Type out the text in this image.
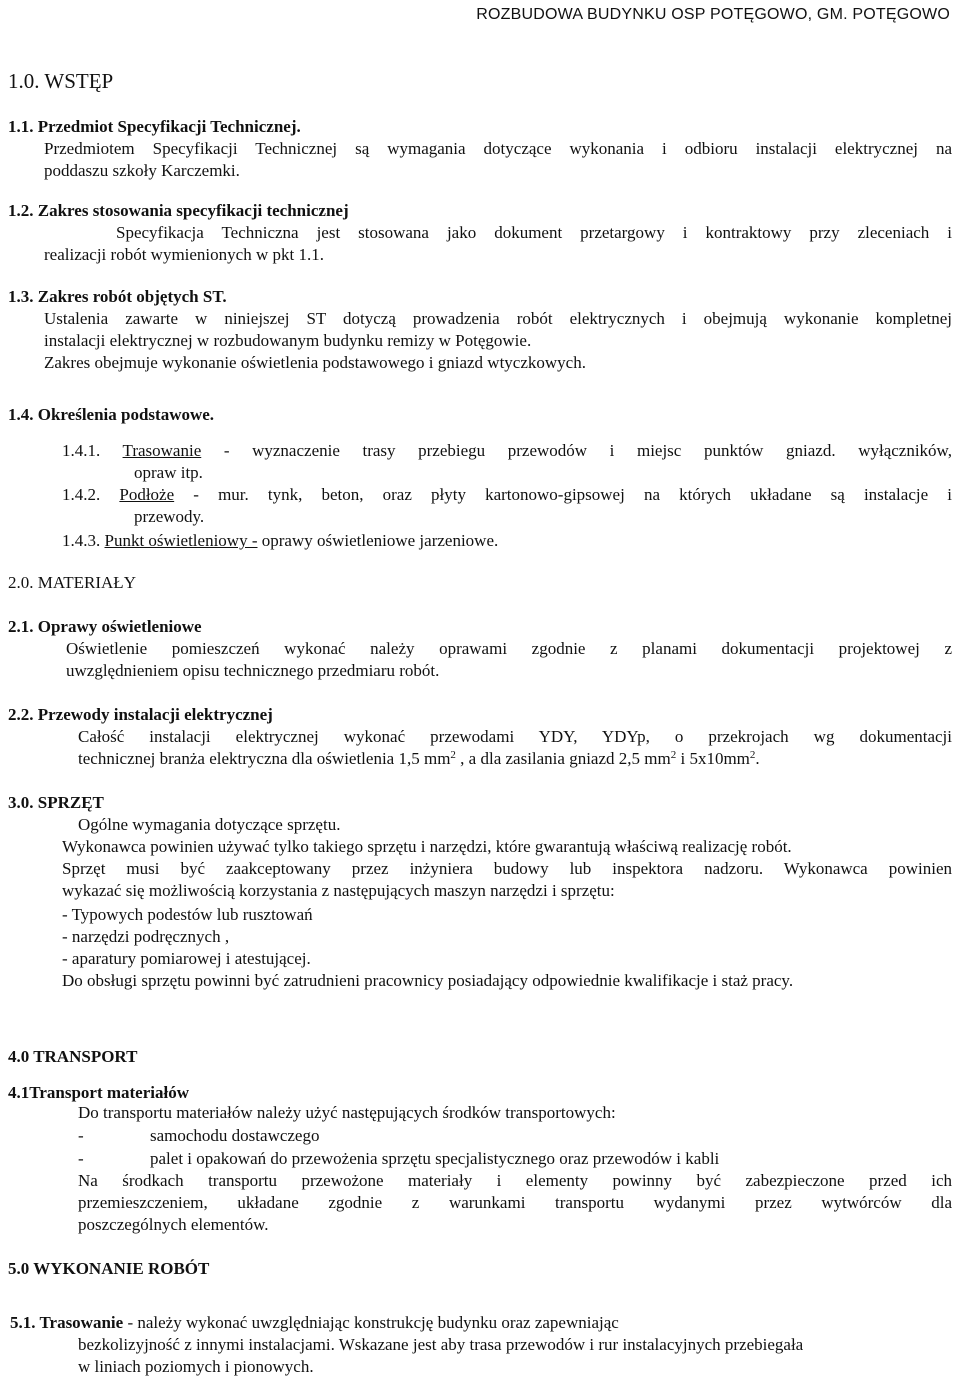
ROZBUDOWA BUDYNKU OSP POTĘGOWO, GM. POTĘGOWO
1.0. WSTĘP
1.1. Przedmiot Specyfikacji Technicznej.
Przedmiotem Specyfikacji Technicznej są wymagania dotyczące wykonania i odbioru instalacji elektrycznej na
poddaszu szkoły Karczemki.
1.2. Zakres stosowania specyfikacji technicznej
Specyfikacja Techniczna jest stosowana jako dokument przetargowy i kontraktowy przy zleceniach i
realizacji robót wymienionych w pkt 1.1.
1.3. Zakres robót objętych ST.
Ustalenia zawarte w niniejszej ST dotyczą prowadzenia robót elektrycznych i obejmują wykonanie kompletnej
instalacji elektrycznej w rozbudowanym budynku remizy w Potęgowie.
Zakres obejmuje wykonanie oświetlenia podstawowego i gniazd wtyczkowych.
1.4. Określenia podstawowe.
1.4.1. Trasowanie - wyznaczenie trasy przebiegu przewodów i miejsc punktów gniazd. wyłączników,
opraw itp.
1.4.2. Podłoże - mur. tynk, beton, oraz płyty kartonowo-gipsowej na których układane są instalacje i
przewody.
1.4.3. Punkt oświetleniowy - oprawy oświetleniowe jarzeniowe.
2.0. MATERIAŁY
2.1. Oprawy oświetleniowe
Oświetlenie pomieszczeń wykonać należy oprawami zgodnie z planami dokumentacji projektowej z
uwzględnieniem opisu technicznego przedmiaru robót.
2.2. Przewody instalacji elektrycznej
Całość instalacji elektrycznej wykonać przewodami YDY, YDYp, o przekrojach wg dokumentacji
technicznej branża elektryczna dla oświetlenia 1,5 $mm^2$ , a dla zasilania gniazd 2,5 $mm^2$ i $5x10mm^2$.
3.0. SPRZĘT
Ogólne wymagania dotyczące sprzętu.
Wykonawca powinien używać tylko takiego sprzętu i narzędzi, które gwarantują właściwą realizację robót.
Sprzęt musi być zaakceptowany przez inżyniera budowy lub inspektora nadzoru. Wykonawca powinien
wykazać się możliwością korzystania z następujących maszyn narzędzi i sprzętu:
- Typowych podestów lub rusztowań
- narzędzi podręcznych ,
- aparatury pomiarowej i atestującej.
Do obsługi sprzętu powinni być zatrudnieni pracownicy posiadający odpowiednie kwalifikacje i staż pracy.
4.0 TRANSPORT
4.1Transport materiałów
Do transportu materiałów należy użyć następujących środków transportowych:
-	samochodu dostawczego
-	palet i opakowań do przewożenia sprzętu specjalistycznego oraz przewodów i kabli
Na środkach transportu przewożone materiały i elementy powinny być zabezpieczone przed ich
przemieszczeniem, układane zgodnie z warunkami transportu wydanymi przez wytwórców dla
poszczególnych elementów.
5.0 WYKONANIE ROBÓT
5.1. Trasowanie - należy wykonać uwzględniając konstrukcję budynku oraz zapewniając
bezkolizyjność z innymi instalacjami. Wskazane jest aby trasa przewodów i rur instalacyjnych przebiegała
w liniach poziomych i pionowych.
